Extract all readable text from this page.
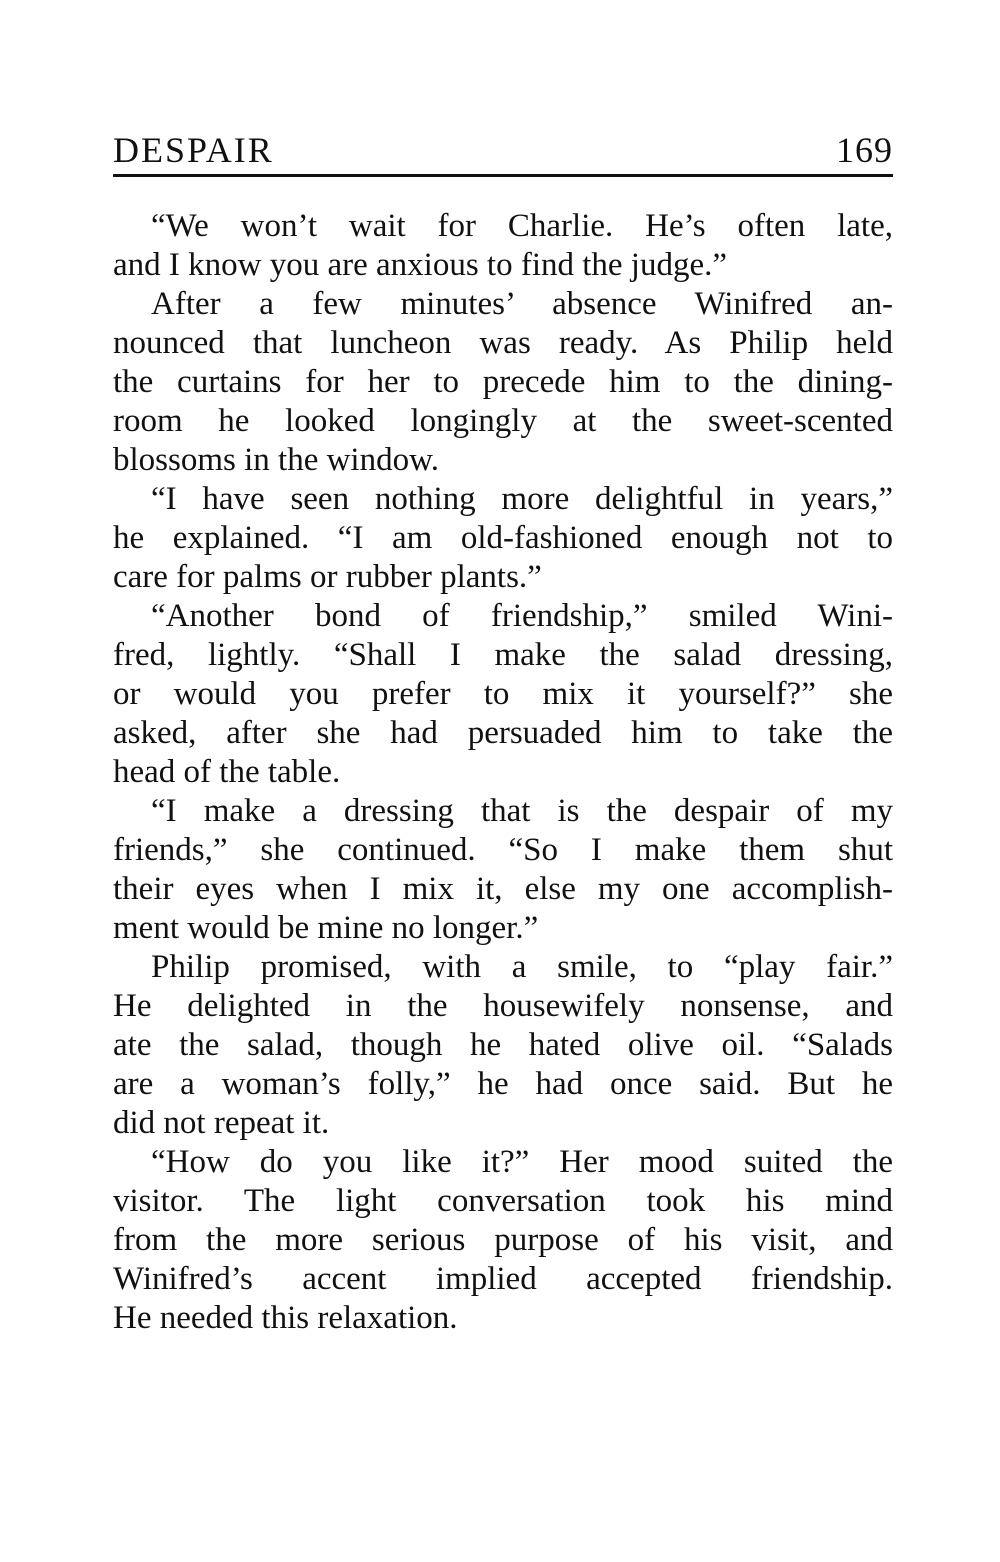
DESPAIR	169
“We won’t wait for Charlie. He’s often late,
and I know you are anxious to find the judge.”
After a few minutes’ absence Winifred an-
nounced that luncheon was ready. As Philip held
the curtains for her to precede him to the dining-
room he looked longingly at the sweet-scented
blossoms in the window.
“I have seen nothing more delightful in years,”
he explained. “I am old-fashioned enough not to
care for palms or rubber plants.”
“Another bond of friendship,” smiled Wini-
fred, lightly. “Shall I make the salad dressing,
or would you prefer to mix it yourself?” she
asked, after she had persuaded him to take the
head of the table.
“I make a dressing that is the despair of my
friends,” she continued. “So I make them shut
their eyes when I mix it, else my one accomplish-
ment would be mine no longer.”
Philip promised, with a smile, to “play fair.”
He delighted in the housewifely nonsense, and
ate the salad, though he hated olive oil. “Salads
are a woman’s folly,” he had once said. But he
did not repeat it.
“How do you like it?” Her mood suited the
visitor. The light conversation took his mind
from the more serious purpose of his visit, and
Winifred’s accent implied accepted friendship.
He needed this relaxation.
